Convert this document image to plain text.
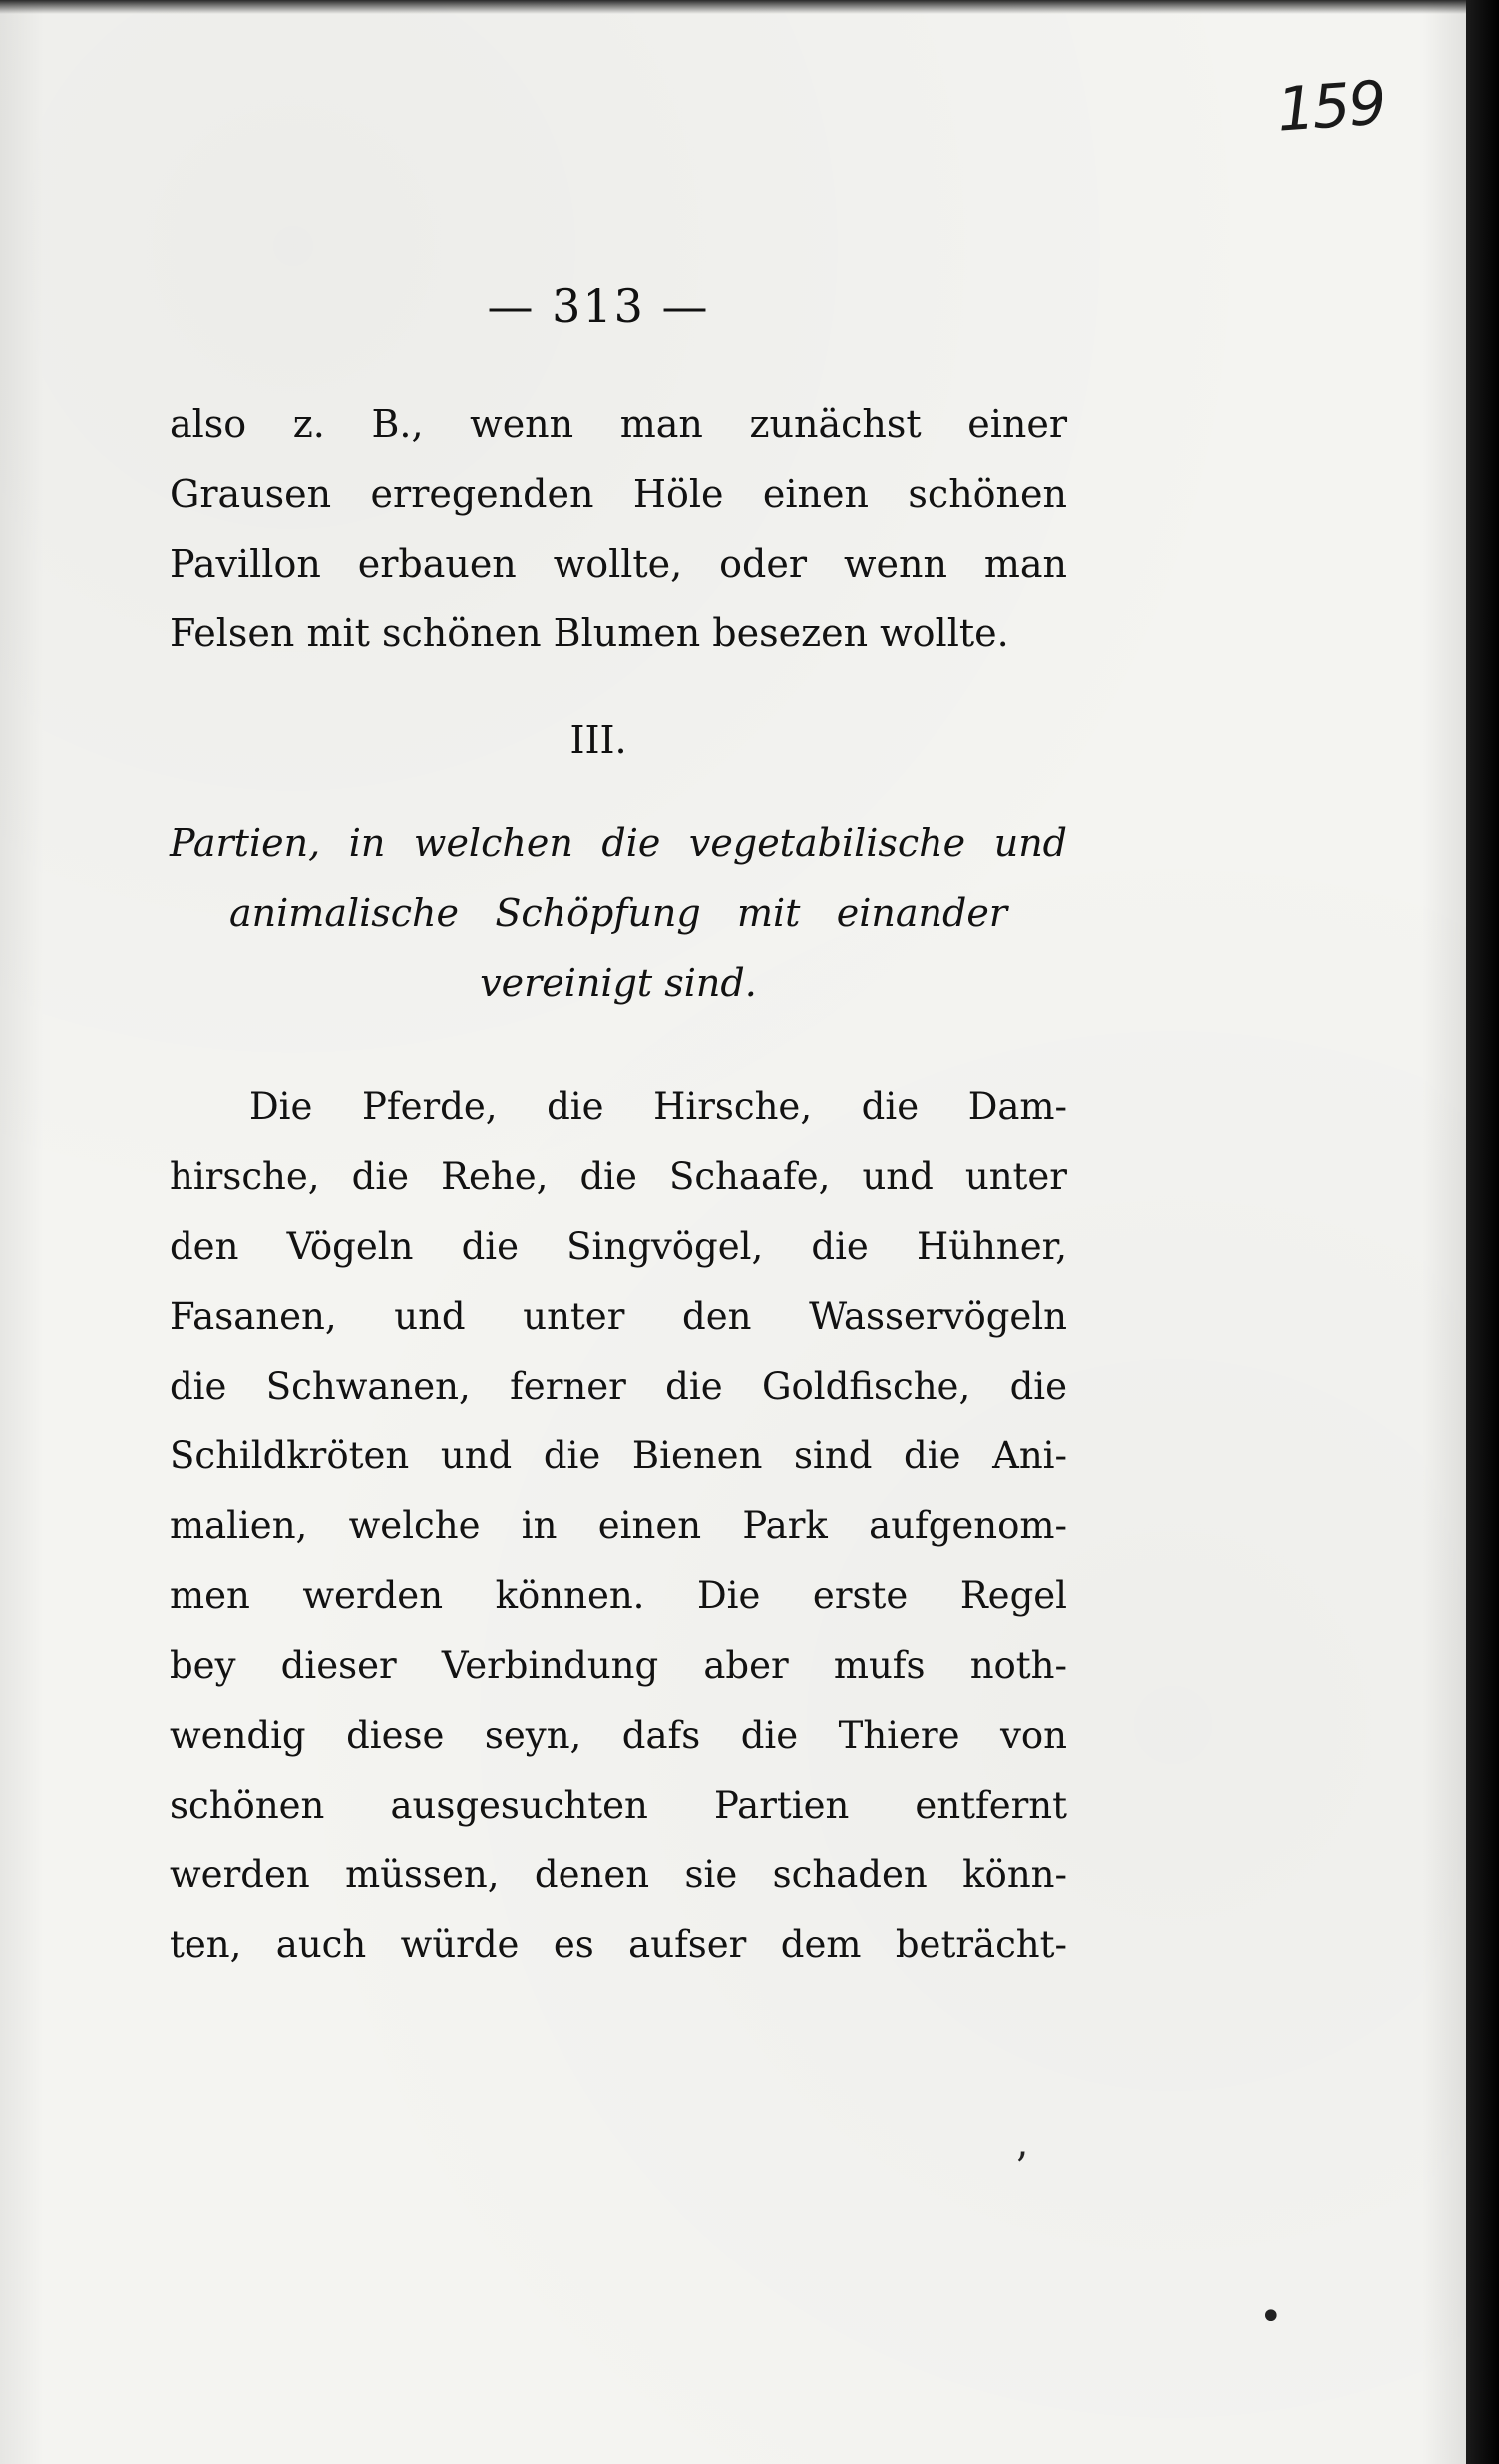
159
— 313 —
also z. B., wenn man zunächst einer
Grausen erregenden Höle einen schönen
Pavillon erbauen wollte, oder wenn man
Felsen mit schönen Blumen besezen wollte.
III.
Partien, in welchen die vegetabilische und
animalische Schöpfung mit einander
vereinigt sind.
Die Pferde, die Hirsche, die Dam-
hirsche, die Rehe, die Schaafe, und unter
den Vögeln die Singvögel, die Hühner,
Fasanen, und unter den Wasservögeln
die Schwanen, ferner die Goldfische, die
Schildkröten und die Bienen sind die Ani-
malien, welche in einen Park aufgenom-
men werden können. Die erste Regel
bey dieser Verbindung aber mufs noth-
wendig diese seyn, dafs die Thiere von
schönen ausgesuchten Partien entfernt
werden müssen, denen sie schaden könn-
ten, auch würde es aufser dem beträcht-
’
•
